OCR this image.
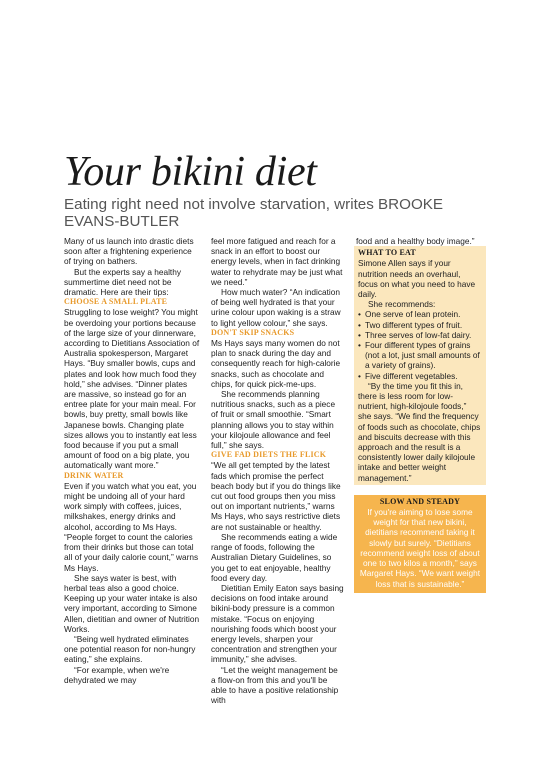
Your bikini diet
Eating right need not involve starvation, writes BROOKE EVANS-BUTLER

Many of us launch into drastic diets soon after a frightening experience of trying on bathers.

But the experts say a healthy summertime diet need not be dramatic. Here are their tips:

CHOOSE A SMALL PLATE

Struggling to lose weight? You might be overdoing your portions because of the large size of your dinnerware, according to Dietitians Association of Australia spokesperson, Margaret Hays. “Buy smaller bowls, cups and plates and look how much food they hold,” she advises. “Dinner plates are massive, so instead go for an entree plate for your main meal. For bowls, buy pretty, small bowls like Japanese bowls. Changing plate sizes allows you to instantly eat less food because if you put a small amount of food on a big plate, you automatically want more.”

DRINK WATER

Even if you watch what you eat, you might be undoing all of your hard work simply with coffees, juices, milkshakes, energy drinks and alcohol, according to Ms Hays. “People forget to count the calories from their drinks but those can total all of your daily calorie count,” warns Ms Hays.

She says water is best, with herbal teas also a good choice.

Keeping up your water intake is also very important, according to Simone Allen, dietitian and owner of Nutrition Works.

“Being well hydrated eliminates one potential reason for non-hungry eating,” she explains.

“For example, when we're dehydrated we may

feel more fatigued and reach for a snack in an effort to boost our energy levels, when in fact drinking water to rehydrate may be just what we need.”

How much water? “An indication of being well hydrated is that your urine colour upon waking is a straw to light yellow colour,” she says.

DON'T SKIP SNACKS

Ms Hays says many women do not plan to snack during the day and consequently reach for high-calorie snacks, such as chocolate and chips, for quick pick-me-ups.

She recommends planning nutritious snacks, such as a piece of fruit or small smoothie. “Smart planning allows you to stay within your kilojoule allowance and feel full,” she says.

GIVE FAD DIETS THE FLICK

“We all get tempted by the latest fads which promise the perfect beach body but if you do things like cut out food groups then you miss out on important nutrients,” warns Ms Hays, who says restrictive diets are not sustainable or healthy.

She recommends eating a wide range of foods, following the Australian Dietary Guidelines, so you get to eat enjoyable, healthy food every day.

Dietitian Emily Eaton says basing decisions on food intake around bikini-body pressure is a common mistake. “Focus on enjoying nourishing foods which boost your energy levels, sharpen your concentration and strengthen your immunity,” she advises.

“Let the weight management be a flow-on from this and you'll be able to have a positive relationship with

food and a healthy body image.”

WHAT TO EAT

Simone Allen says if your nutrition needs an overhaul, focus on what you need to have daily.

She recommends:

• One serve of lean protein.
• Two different types of fruit.
• Three serves of low-fat dairy.
• Four different types of grains (not a lot, just small amounts of a variety of grains).
• Five different vegetables.

“By the time you fit this in, there is less room for low-nutrient, high-kilojoule foods,” she says. “We find the frequency of foods such as chocolate, chips and biscuits decrease with this approach and the result is a consistently lower daily kilojoule intake and better weight management.”

SLOW AND STEADY

If you're aiming to lose some weight for that new bikini, dietitians recommend taking it slowly but surely. “Dietitians recommend weight loss of about one to two kilos a month,” says Margaret Hays. “We want weight loss that is sustainable.”
